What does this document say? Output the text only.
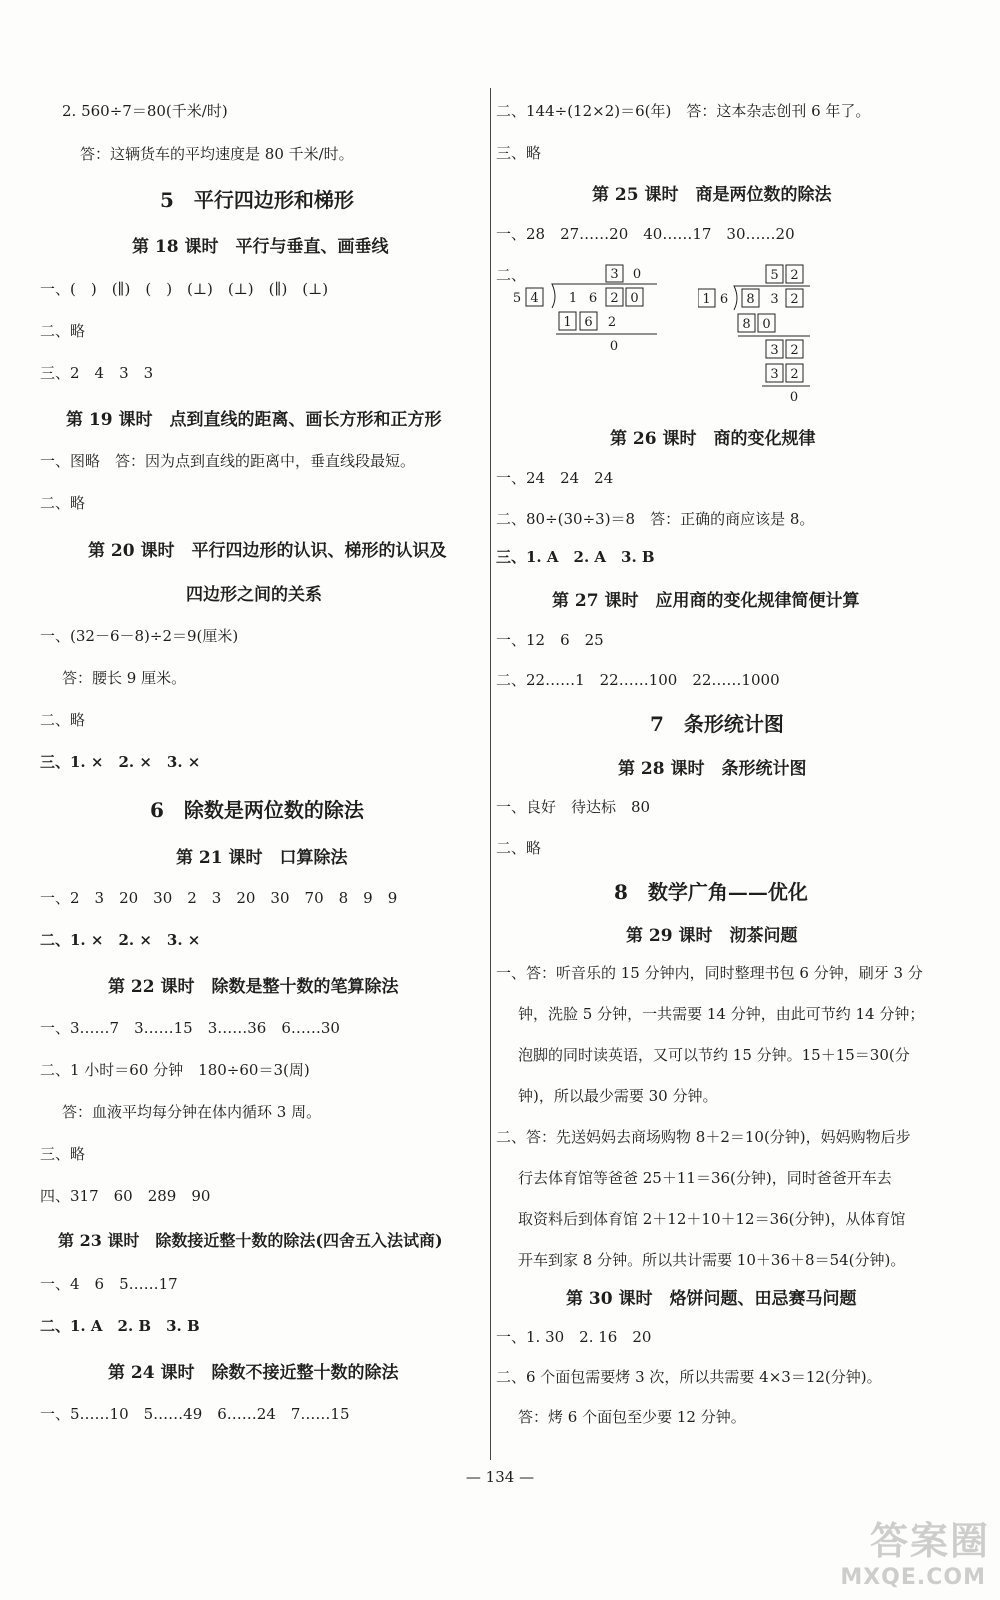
2. 560÷7＝80(千米/时)
答：这辆货车的平均速度是 80 千米/时。
5　平行四边形和梯形
第 18 课时　平行与垂直、画垂线
一、(　)　(∥)　(　)　(⊥)　(⊥)　(∥)　(⊥)
二、略
三、2　4　3　3
第 19 课时　点到直线的距离、画长方形和正方形
一、图略　答：因为点到直线的距离中，垂直线段最短。
二、略
第 20 课时　平行四边形的认识、梯形的认识及
四边形之间的关系
一、(32－6－8)÷2＝9(厘米)
答：腰长 9 厘米。
二、略
三、1. ×　2. ×　3. ×
6　除数是两位数的除法
第 21 课时　口算除法
一、2　3　20　30　2　3　20　30　70　8　9　9
二、1. ×　2. ×　3. ×
第 22 课时　除数是整十数的笔算除法
一、3……7　3……15　3……36　6……30
二、1 小时＝60 分钟　180÷60＝3(周)
答：血液平均每分钟在体内循环 3 周。
三、略
四、317　60　289　90
第 23 课时　除数接近整十数的除法(四舍五入法试商)
一、4　6　5……17
二、1. A　2. B　3. B
第 24 课时　除数不接近整十数的除法
一、5……10　5……49　6……24　7……15
二、144÷(12×2)＝6(年)　答：这本杂志创刊 6 年了。
三、略
第 25 课时　商是两位数的除法
一、28　27……20　40……17　30……20
二、	3 0
5 4 1 6 2 0
1 6 2
0
5 2
1 6 8 3 2
8 0
3 2
3 2
0
第 26 课时　商的变化规律
一、24　24　24
二、80÷(30÷3)＝8　答：正确的商应该是 8。
三、1. A　2. A　3. B
第 27 课时　应用商的变化规律简便计算
一、12　6　25
二、22……1　22……100　22……1000
7　条形统计图
第 28 课时　条形统计图
一、良好　待达标　80
二、略
8　数学广角——优化
第 29 课时　沏茶问题
一、答：听音乐的 15 分钟内，同时整理书包 6 分钟，刷牙 3 分
钟，洗脸 5 分钟，一共需要 14 分钟，由此可节约 14 分钟；
泡脚的同时读英语，又可以节约 15 分钟。15＋15＝30(分
钟)，所以最少需要 30 分钟。
二、答：先送妈妈去商场购物 8＋2＝10(分钟)，妈妈购物后步
行去体育馆等爸爸 25＋11＝36(分钟)，同时爸爸开车去
取资料后到体育馆 2＋12＋10＋12＝36(分钟)，从体育馆
开车到家 8 分钟。所以共计需要 10＋36＋8＝54(分钟)。
第 30 课时　烙饼问题、田忌赛马问题
一、1. 30　2. 16　20
二、6 个面包需要烤 3 次，所以共需要 4×3＝12(分钟)。
答：烤 6 个面包至少要 12 分钟。
— 134 —
答案圈
MXQE.COM
